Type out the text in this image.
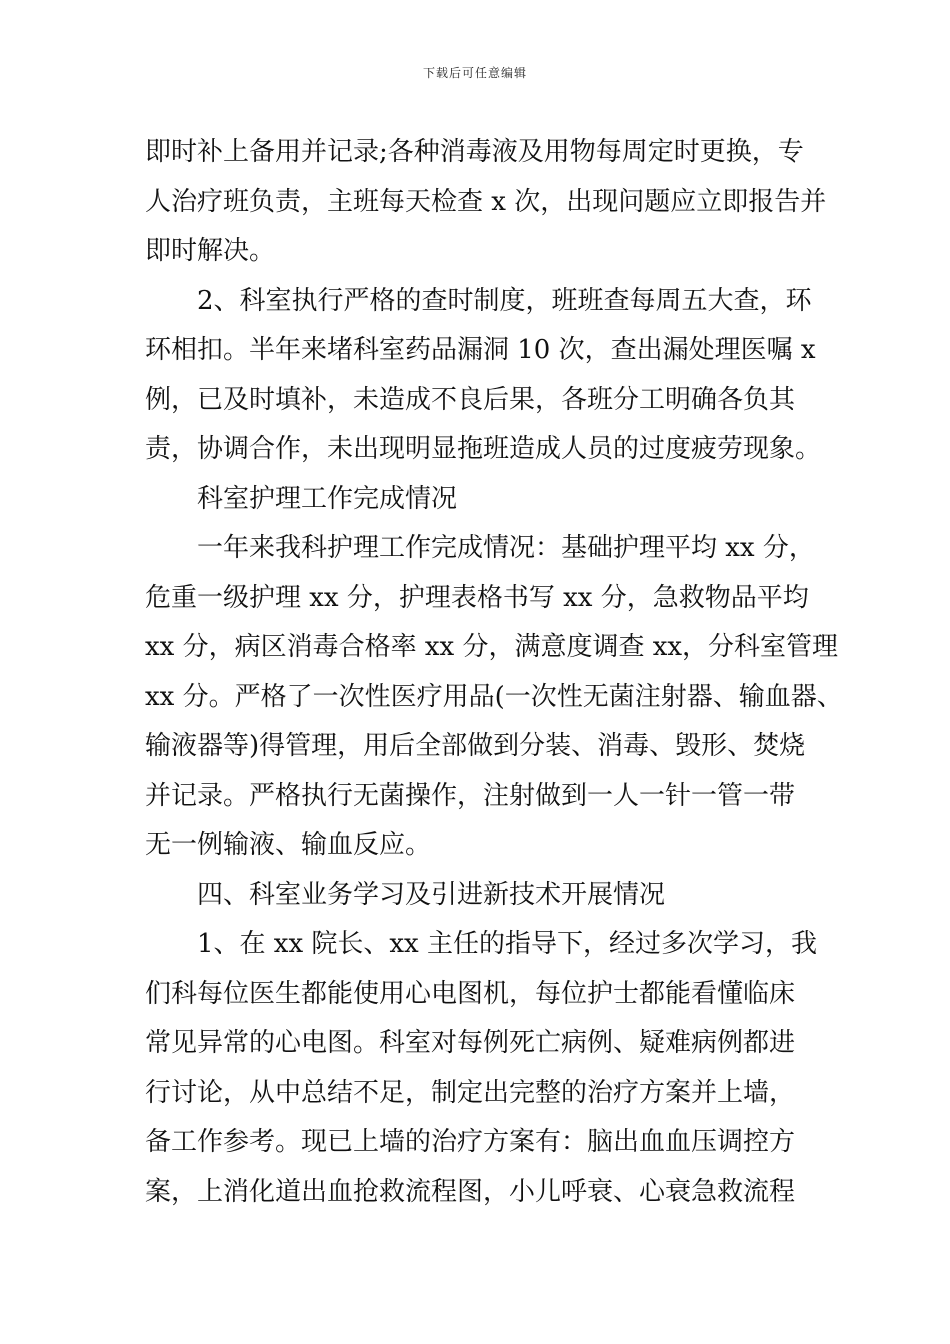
下载后可任意编辑

即时补上备用并记录;各种消毒液及用物每周定时更换，专
人治疗班负责，主班每天检查 x 次，出现问题应立即报告并
即时解决。

2、科室执行严格的查时制度，班班查每周五大查，环
环相扣。半年来堵科室药品漏洞 10 次，查出漏处理医嘱 x
例，已及时填补，未造成不良后果，各班分工明确各负其
责，协调合作，未出现明显拖班造成人员的过度疲劳现象。

科室护理工作完成情况

一年来我科护理工作完成情况：基础护理平均 xx 分，
危重一级护理 xx 分，护理表格书写 xx 分，急救物品平均
xx 分，病区消毒合格率 xx 分，满意度调查 xx，分科室管理
xx 分。严格了一次性医疗用品(一次性无菌注射器、输血器、
输液器等)得管理，用后全部做到分装、消毒、毁形、焚烧
并记录。严格执行无菌操作，注射做到一人一针一管一带
无一例输液、输血反应。

四、科室业务学习及引进新技术开展情况

1、在 xx 院长、xx 主任的指导下，经过多次学习，我
们科每位医生都能使用心电图机，每位护士都能看懂临床
常见异常的心电图。科室对每例死亡病例、疑难病例都进
行讨论，从中总结不足，制定出完整的治疗方案并上墙，
备工作参考。现已上墙的治疗方案有：脑出血血压调控方
案，上消化道出血抢救流程图，小儿呼衰、心衰急救流程
